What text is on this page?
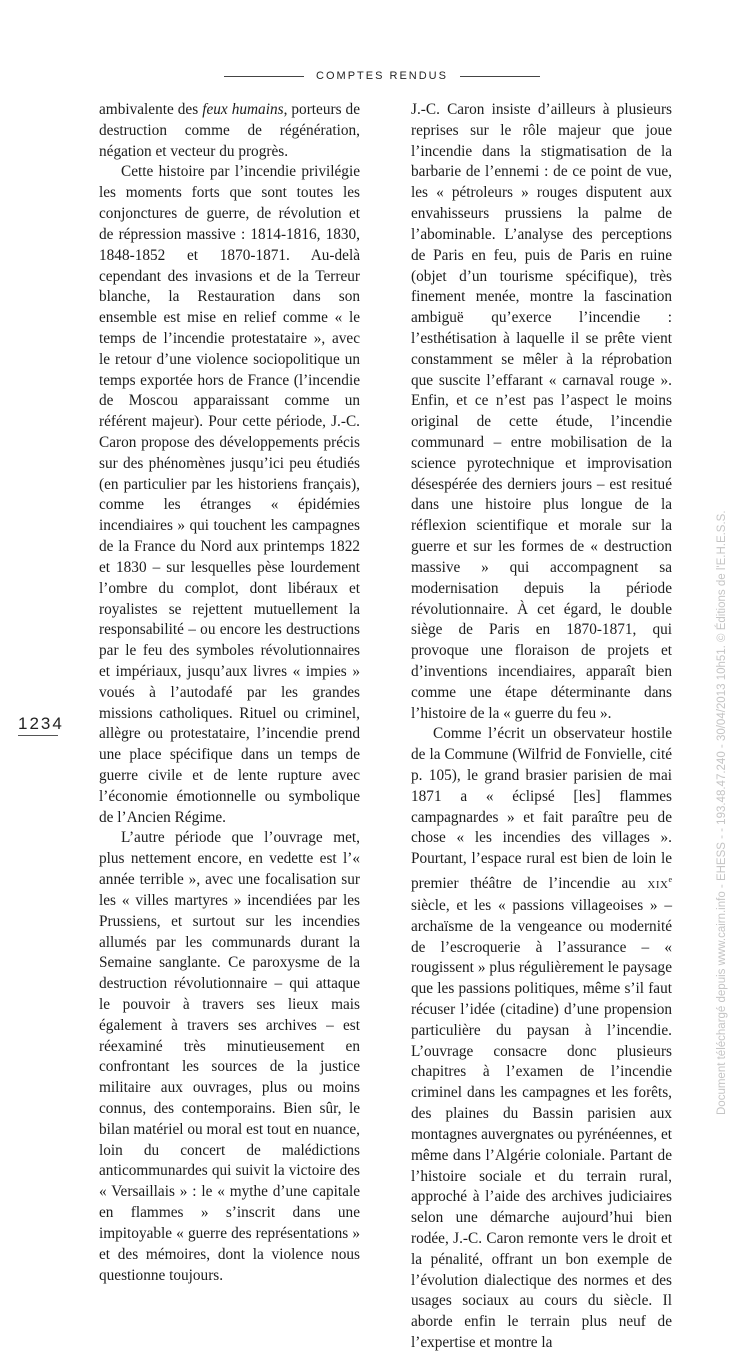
COMPTES RENDUS

ambivalente des feux humains, porteurs de destruction comme de régénération, négation et vecteur du progrès.

Cette histoire par l’incendie privilégie les moments forts que sont toutes les conjonctures de guerre, de révolution et de répression massive : 1814-1816, 1830, 1848-1852 et 1870-1871. Au-delà cependant des invasions et de la Terreur blanche, la Restauration dans son ensemble est mise en relief comme « le temps de l’incendie protestataire », avec le retour d’une violence sociopolitique un temps exportée hors de France (l’incendie de Moscou apparaissant comme un référent majeur). Pour cette période, J.-C. Caron propose des développements précis sur des phénomènes jusqu’ici peu étudiés (en particulier par les historiens français), comme les étranges « épidémies incendiaires » qui touchent les campagnes de la France du Nord aux printemps 1822 et 1830 – sur lesquelles pèse lourdement l’ombre du complot, dont libéraux et royalistes se rejettent mutuellement la responsabilité – ou encore les destructions par le feu des symboles révolutionnaires et impériaux, jusqu’aux livres « impies » voués à l’autodafé par les grandes missions catholiques. Rituel ou criminel, allègre ou protestataire, l’incendie prend une place spécifique dans un temps de guerre civile et de lente rupture avec l’économie émotionnelle ou symbolique de l’Ancien Régime.

L’autre période que l’ouvrage met, plus nettement encore, en vedette est l’« année terrible », avec une focalisation sur les « villes martyres » incendiées par les Prussiens, et surtout sur les incendies allumés par les communards durant la Semaine sanglante. Ce paroxysme de la destruction révolutionnaire – qui attaque le pouvoir à travers ses lieux mais également à travers ses archives – est réexaminé très minutieusement en confrontant les sources de la justice militaire aux ouvrages, plus ou moins connus, des contemporains. Bien sûr, le bilan matériel ou moral est tout en nuance, loin du concert de malédictions anticommunardes qui suivit la victoire des « Versaillais » : le « mythe d’une capitale en flammes » s’inscrit dans une impitoyable « guerre des représentations » et des mémoires, dont la violence nous questionne toujours.

J.-C. Caron insiste d’ailleurs à plusieurs reprises sur le rôle majeur que joue l’incendie dans la stigmatisation de la barbarie de l’ennemi : de ce point de vue, les « pétroleurs » rouges disputent aux envahisseurs prussiens la palme de l’abominable. L’analyse des perceptions de Paris en feu, puis de Paris en ruine (objet d’un tourisme spécifique), très finement menée, montre la fascination ambiguë qu’exerce l’incendie : l’esthétisation à laquelle il se prête vient constamment se mêler à la réprobation que suscite l’effarant « carnaval rouge ». Enfin, et ce n’est pas l’aspect le moins original de cette étude, l’incendie communard – entre mobilisation de la science pyrotechnique et improvisation désespérée des derniers jours – est resitué dans une histoire plus longue de la réflexion scientifique et morale sur la guerre et sur les formes de « destruction massive » qui accompagnent sa modernisation depuis la période révolutionnaire. À cet égard, le double siège de Paris en 1870-1871, qui provoque une floraison de projets et d’inventions incendiaires, apparaît bien comme une étape déterminante dans l’histoire de la « guerre du feu ».

Comme l’écrit un observateur hostile de la Commune (Wilfrid de Fonvielle, cité p. 105), le grand brasier parisien de mai 1871 a « éclipsé [les] flammes campagnardes » et fait paraître peu de chose « les incendies des villages ». Pourtant, l’espace rural est bien de loin le premier théâtre de l’incendie au XIXe siècle, et les « passions villageoises » – archaïsme de la vengeance ou modernité de l’escroquerie à l’assurance – « rougissent » plus régulièrement le paysage que les passions politiques, même s’il faut récuser l’idée (citadine) d’une propension particulière du paysan à l’incendie. L’ouvrage consacre donc plusieurs chapitres à l’examen de l’incendie criminel dans les campagnes et les forêts, des plaines du Bassin parisien aux montagnes auvergnates ou pyrénéennes, et même dans l’Algérie coloniale. Partant de l’histoire sociale et du terrain rural, approché à l’aide des archives judiciaires selon une démarche aujourd’hui bien rodée, J.-C. Caron remonte vers le droit et la pénalité, offrant un bon exemple de l’évolution dialectique des normes et des usages sociaux au cours du siècle. Il aborde enfin le terrain plus neuf de l’expertise et montre la

1234	Document téléchargé depuis www.cairn.info - EHESS - - 193.48.47.240 - 30/04/2013 10h51. © Éditions de l'E.H.E.S.S.
